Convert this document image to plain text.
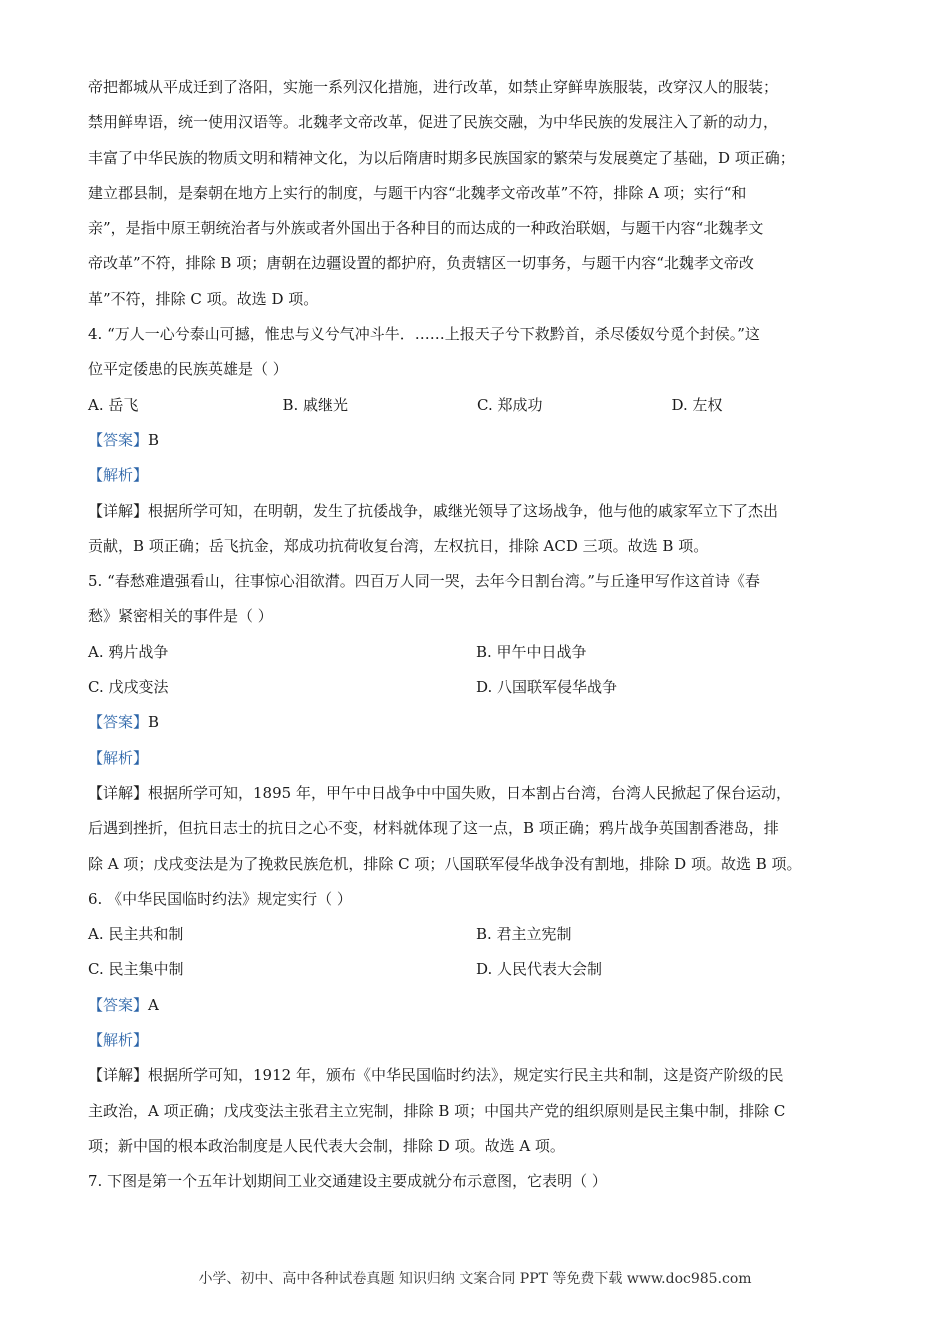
帝把都城从平成迁到了洛阳，实施一系列汉化措施，进行改革，如禁止穿鲜卑族服装，改穿汉人的服装；
禁用鲜卑语，统一使用汉语等。北魏孝文帝改革，促进了民族交融，为中华民族的发展注入了新的动力，
丰富了中华民族的物质文明和精神文化，为以后隋唐时期多民族国家的繁荣与发展奠定了基础，D 项正确；
建立郡县制，是秦朝在地方上实行的制度，与题干内容“北魏孝文帝改革”不符，排除 A 项；实行“和
亲”，是指中原王朝统治者与外族或者外国出于各种目的而达成的一种政治联姻，与题干内容“北魏孝文
帝改革”不符，排除 B 项；唐朝在边疆设置的都护府，负责辖区一切事务，与题干内容“北魏孝文帝改
革”不符，排除 C 项。故选 D 项。
4. “万人一心兮泰山可撼，惟忠与义兮气冲斗牛．……上报天子兮下救黔首，杀尽倭奴兮觅个封侯。”这
位平定倭患的民族英雄是（ ）
A. 岳飞	B. 戚继光	C. 郑成功	D. 左权
【答案】B
【解析】
【详解】根据所学可知，在明朝，发生了抗倭战争，戚继光领导了这场战争，他与他的戚家军立下了杰出
贡献，B 项正确；岳飞抗金，郑成功抗荷收复台湾，左权抗日，排除 ACD 三项。故选 B 项。
5. “春愁难遣强看山，往事惊心泪欲潸。四百万人同一哭，去年今日割台湾。”与丘逢甲写作这首诗《春
愁》紧密相关的事件是（ ）
A. 鸦片战争	B. 甲午中日战争
C. 戊戌变法	D. 八国联军侵华战争
【答案】B
【解析】
【详解】根据所学可知，1895 年，甲午中日战争中中国失败，日本割占台湾，台湾人民掀起了保台运动，
后遇到挫折，但抗日志士的抗日之心不变，材料就体现了这一点，B 项正确；鸦片战争英国割香港岛，排
除 A 项；戊戌变法是为了挽救民族危机，排除 C 项；八国联军侵华战争没有割地，排除 D 项。故选 B 项。
6. 《中华民国临时约法》规定实行（ ）
A. 民主共和制	B. 君主立宪制
C. 民主集中制	D. 人民代表大会制
【答案】A
【解析】
【详解】根据所学可知，1912 年，颁布《中华民国临时约法》，规定实行民主共和制，这是资产阶级的民
主政治，A 项正确；戊戌变法主张君主立宪制，排除 B 项；中国共产党的组织原则是民主集中制，排除 C
项；新中国的根本政治制度是人民代表大会制，排除 D 项。故选 A 项。
7. 下图是第一个五年计划期间工业交通建设主要成就分布示意图，它表明（ ）
小学、初中、高中各种试卷真题 知识归纳 文案合同 PPT 等免费下载 www.doc985.com
